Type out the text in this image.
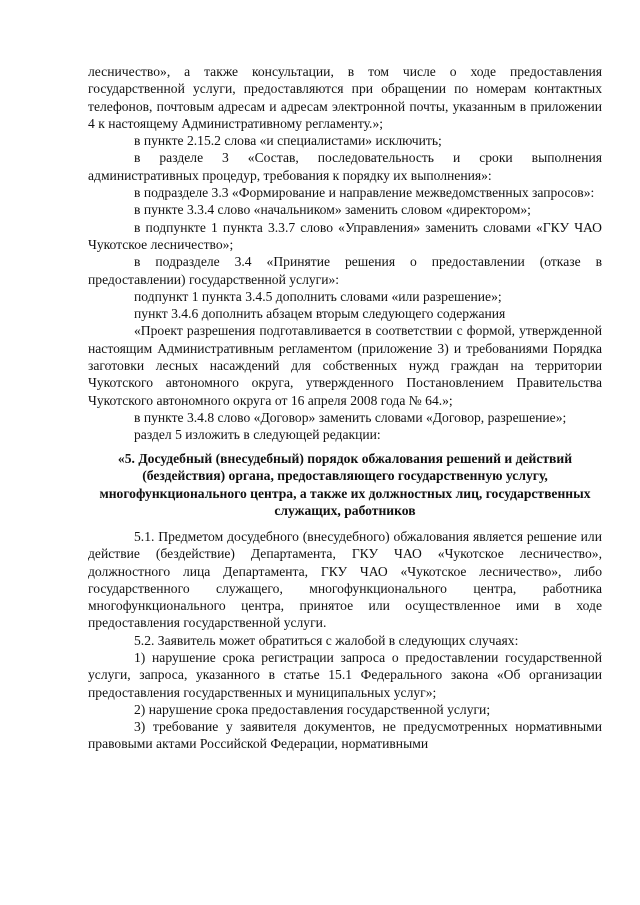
лесничество», а также консультации, в том числе о ходе предоставления государственной услуги, предоставляются при обращении по номерам контактных телефонов, почтовым адресам и адресам электронной почты, указанным в приложении 4 к настоящему Административному регламенту.»;

в пункте 2.15.2 слова «и специалистами» исключить;

в разделе 3 «Состав, последовательность и сроки выполнения административных процедур, требования к порядку их выполнения»:

в подразделе 3.3 «Формирование и направление межведомственных запросов»:

в пункте 3.3.4 слово «начальником» заменить словом «директором»;

в подпункте 1 пункта 3.3.7 слово «Управления» заменить словами «ГКУ ЧАО Чукотское лесничество»;

в подразделе 3.4 «Принятие решения о предоставлении (отказе в предоставлении) государственной услуги»:

подпункт 1 пункта 3.4.5 дополнить словами «или разрешение»;

пункт 3.4.6 дополнить абзацем вторым следующего содержания

«Проект разрешения подготавливается в соответствии с формой, утвержденной настоящим Административным регламентом (приложение 3) и требованиями Порядка заготовки лесных насаждений для собственных нужд граждан на территории Чукотского автономного округа, утвержденного Постановлением Правительства Чукотского автономного округа от 16 апреля 2008 года № 64.»;

в пункте 3.4.8 слово «Договор» заменить словами «Договор, разрешение»;

раздел 5 изложить в следующей редакции:

«5. Досудебный (внесудебный) порядок обжалования решений и действий (бездействия) органа, предоставляющего государственную услугу, многофункционального центра, а также их должностных лиц, государственных служащих, работников

5.1. Предметом досудебного (внесудебного) обжалования является решение или действие (бездействие) Департамента, ГКУ ЧАО «Чукотское лесничество», должностного лица Департамента, ГКУ ЧАО «Чукотское лесничество», либо государственного служащего, многофункционального центра, работника многофункционального центра, принятое или осуществленное ими в ходе предоставления государственной услуги.

5.2. Заявитель может обратиться с жалобой в следующих случаях:

1) нарушение срока регистрации запроса о предоставлении государственной услуги, запроса, указанного в статье 15.1 Федерального закона «Об организации предоставления государственных и муниципальных услуг»;

2) нарушение срока предоставления государственной услуги;

3) требование у заявителя документов, не предусмотренных нормативными правовыми актами Российской Федерации, нормативными
